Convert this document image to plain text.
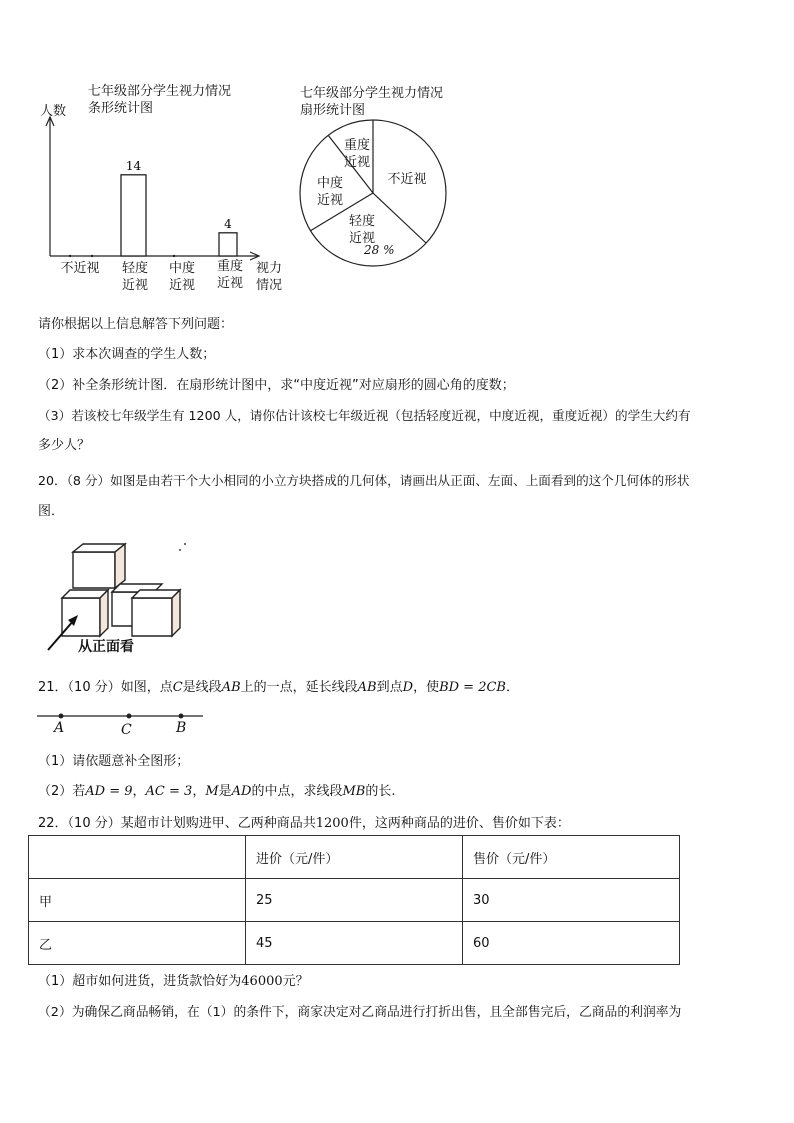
七年级部分学生视力情况
条形统计图
人数
14
4
不近视	轻度
近视
中度
近视
重度
近视
视力
情况
七年级部分学生视力情况
扇形统计图
重度
近视
不近视
中度
近视
轻度
近视
28 %
请你根据以上信息解答下列问题：
（1）求本次调查的学生人数；
（2）补全条形统计图．在扇形统计图中，求“中度近视”对应扇形的圆心角的度数；
（3）若该校七年级学生有 1200 人，请你估计该校七年级近视（包括轻度近视，中度近视，重度近视）的学生大约有
多少人？
20．（8 分）如图是由若干个大小相同的小立方块搭成的几何体，请画出从正面、左面、上面看到的这个几何体的形状
图．
从正面看
21．（10 分）如图，点C是线段AB上的一点，延长线段AB到点D，使BD = 2CB．
A	C	B
（1）请依题意补全图形；
（2）若AD = 9，AC = 3，M是AD的中点，求线段MB的长.
22．（10 分）某超市计划购进甲、乙两种商品共1200件，这两种商品的进价、售价如下表：
	进价（元/件）	售价（元/件）
甲	25	30
乙	45	60
（1）超市如何进货，进货款恰好为46000元？
（2）为确保乙商品畅销，在（1）的条件下，商家决定对乙商品进行打折出售，且全部售完后，乙商品的利润率为
